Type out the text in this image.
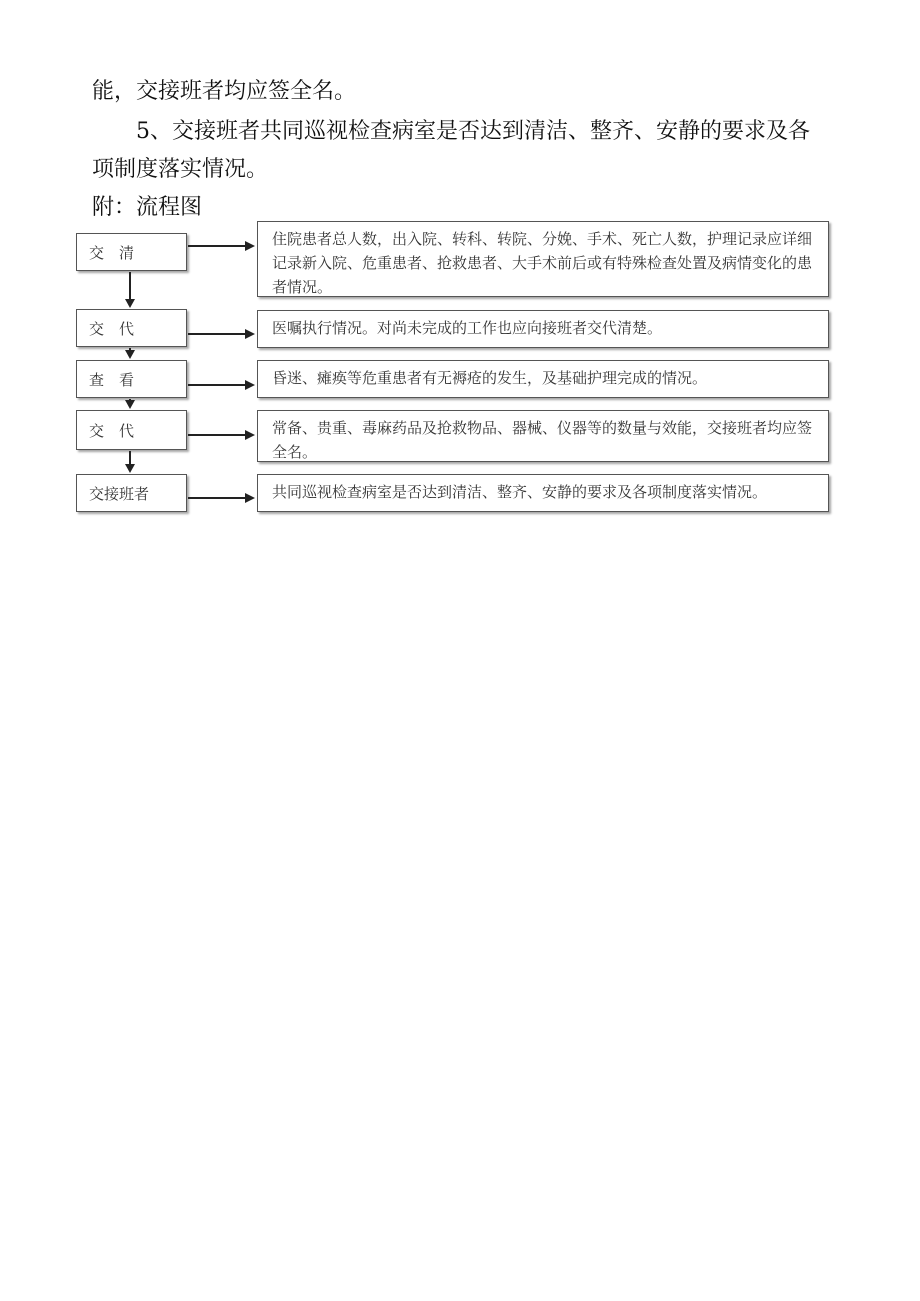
能，交接班者均应签全名。

5、交接班者共同巡视检查病室是否达到清洁、整齐、安静的要求及各

项制度落实情况。

附：流程图

交　清
交　代
查　看
交　代
交接班者
住院患者总人数，出入院、转科、转院、分娩、手术、死亡人数，护理记录应详细记录新入院、危重患者、抢救患者、大手术前后或有特殊检查处置及病情变化的患者情况。
医嘱执行情况。对尚未完成的工作也应向接班者交代清楚。
昏迷、瘫痪等危重患者有无褥疮的发生，及基础护理完成的情况。
常备、贵重、毒麻药品及抢救物品、器械、仪器等的数量与效能，交接班者均应签全名。
共同巡视检查病室是否达到清洁、整齐、安静的要求及各项制度落实情况。
